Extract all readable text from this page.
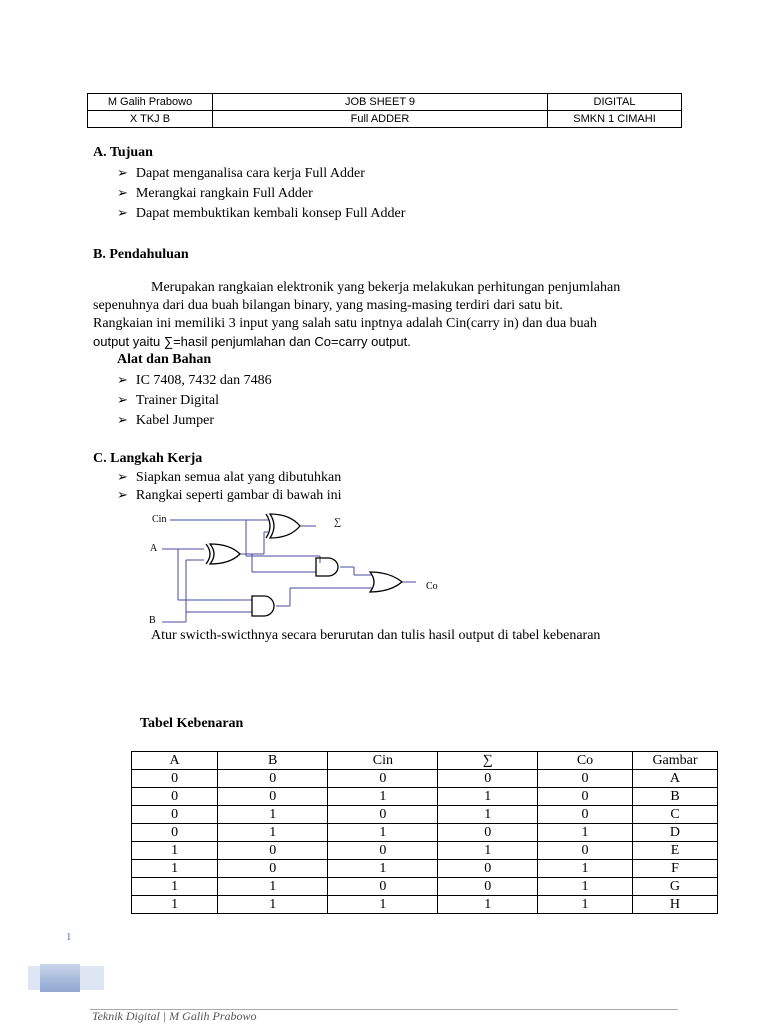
M Galih Prabowo	JOB SHEET 9	DIGITAL
X TKJ B	Full ADDER	SMKN 1 CIMAHI
A. Tujuan
➢ Dapat menganalisa cara kerja Full Adder
➢ Merangkai rangkain Full Adder
➢ Dapat membuktikan kembali konsep Full Adder
B. Pendahuluan
Merupakan rangkaian elektronik yang bekerja melakukan perhitungan penjumlahan
sepenuhnya dari dua buah bilangan binary, yang masing-masing terdiri dari satu bit.
Rangkaian ini memiliki 3 input yang salah satu inptnya adalah Cin(carry in) dan dua buah
output yaitu ∑=hasil penjumlahan dan Co=carry output.
Alat dan Bahan
➢ IC 7408, 7432 dan 7486
➢ Trainer Digital
➢ Kabel Jumper
C. Langkah Kerja
➢ Siapkan semua alat yang dibutuhkan
➢ Rangkai seperti gambar di bawah ini
Cin
A
B
∑
Co
Atur swicth-swicthnya secara berurutan dan tulis hasil output di tabel kebenaran
Tabel Kebenaran
A	B	Cin	∑	Co	Gambar
0	0	0	0	0	A
0	0	1	1	0	B
0	1	0	1	0	C
0	1	1	0	1	D
1	0	0	1	0	E
1	0	1	0	1	F
1	1	0	0	1	G
1	1	1	1	1	H
1
Teknik Digital | M Galih Prabowo
